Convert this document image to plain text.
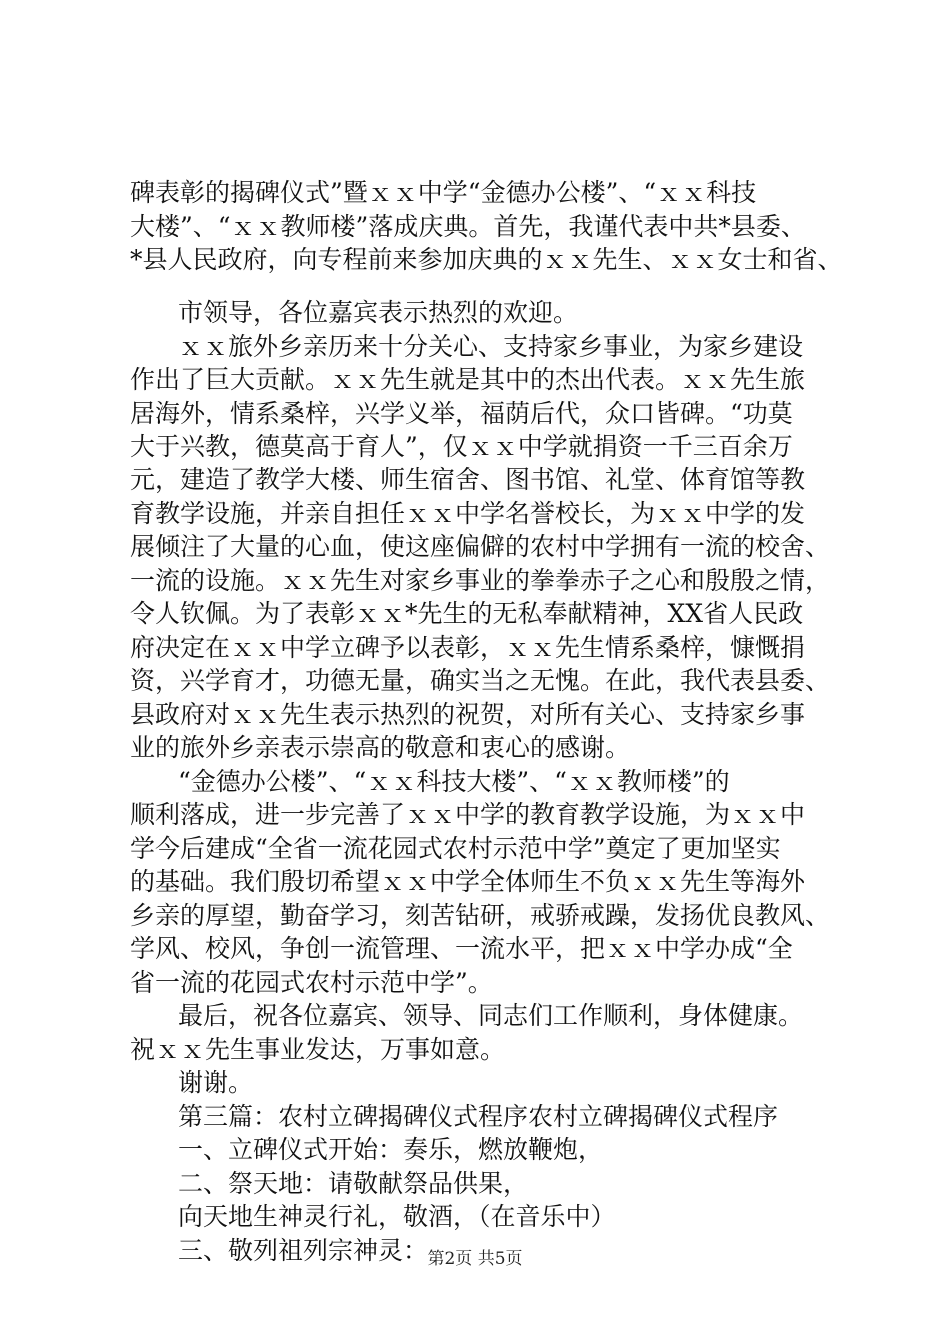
碑表彰的揭碑仪式”暨ｘｘ中学“金德办公楼”、“ｘｘ科技
大楼”、“ｘｘ教师楼”落成庆典。首先，我谨代表中共*县委、
*县人民政府，向专程前来参加庆典的ｘｘ先生、ｘｘ女士和省、
市领导，各位嘉宾表示热烈的欢迎。
ｘｘ旅外乡亲历来十分关心、支持家乡事业，为家乡建设
作出了巨大贡献。ｘｘ先生就是其中的杰出代表。ｘｘ先生旅
居海外，情系桑梓，兴学义举，福荫后代，众口皆碑。“功莫
大于兴教，德莫高于育人”，仅ｘｘ中学就捐资一千三百余万
元，建造了教学大楼、师生宿舍、图书馆、礼堂、体育馆等教
育教学设施，并亲自担任ｘｘ中学名誉校长，为ｘｘ中学的发
展倾注了大量的心血，使这座偏僻的农村中学拥有一流的校舍、
一流的设施。ｘｘ先生对家乡事业的拳拳赤子之心和殷殷之情，
令人钦佩。为了表彰ｘｘ*先生的无私奉献精神，XX省人民政
府决定在ｘｘ中学立碑予以表彰，ｘｘ先生情系桑梓，慷慨捐
资，兴学育才，功德无量，确实当之无愧。在此，我代表县委、
县政府对ｘｘ先生表示热烈的祝贺，对所有关心、支持家乡事
业的旅外乡亲表示崇高的敬意和衷心的感谢。
“金德办公楼”、“ｘｘ科技大楼”、“ｘｘ教师楼”的
顺利落成，进一步完善了ｘｘ中学的教育教学设施，为ｘｘ中
学今后建成“全省一流花园式农村示范中学”奠定了更加坚实
的基础。我们殷切希望ｘｘ中学全体师生不负ｘｘ先生等海外
乡亲的厚望，勤奋学习，刻苦钻研，戒骄戒躁，发扬优良教风、
学风、校风，争创一流管理、一流水平，把ｘｘ中学办成“全
省一流的花园式农村示范中学”。
最后，祝各位嘉宾、领导、同志们工作顺利，身体健康。
祝ｘｘ先生事业发达，万事如意。
谢谢。
第三篇：农村立碑揭碑仪式程序农村立碑揭碑仪式程序
一、立碑仪式开始：奏乐，燃放鞭炮，
二、祭天地：请敬献祭品供果，
向天地生神灵行礼，敬酒，（在音乐中）
三、敬列祖列宗神灵： 第2页 共5页
